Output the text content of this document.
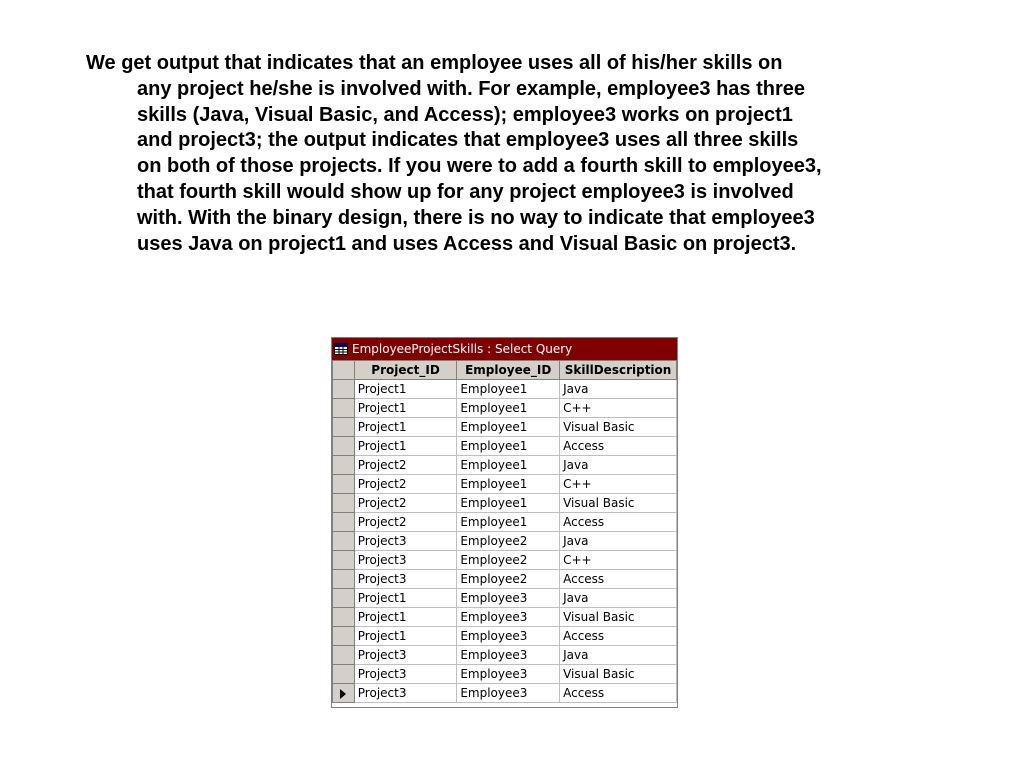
We get output that indicates that an employee uses all of his/her skills on
any project he/she is involved with. For example, employee3 has three
skills (Java, Visual Basic, and Access); employee3 works on project1
and project3; the output indicates that employee3 uses all three skills
on both of those projects. If you were to add a fourth skill to employee3,
that fourth skill would show up for any project employee3 is involved
with. With the binary design, there is no way to indicate that employee3
uses Java on project1 and uses Access and Visual Basic on project3.

EmployeeProjectSkills : Select Query
	Project_ID	Employee_ID	SkillDescription
	Project1	Employee1	Java
	Project1	Employee1	C++
	Project1	Employee1	Visual Basic
	Project1	Employee1	Access
	Project2	Employee1	Java
	Project2	Employee1	C++
	Project2	Employee1	Visual Basic
	Project2	Employee1	Access
	Project3	Employee2	Java
	Project3	Employee2	C++
	Project3	Employee2	Access
	Project1	Employee3	Java
	Project1	Employee3	Visual Basic
	Project1	Employee3	Access
	Project3	Employee3	Java
	Project3	Employee3	Visual Basic
	Project3	Employee3	Access
